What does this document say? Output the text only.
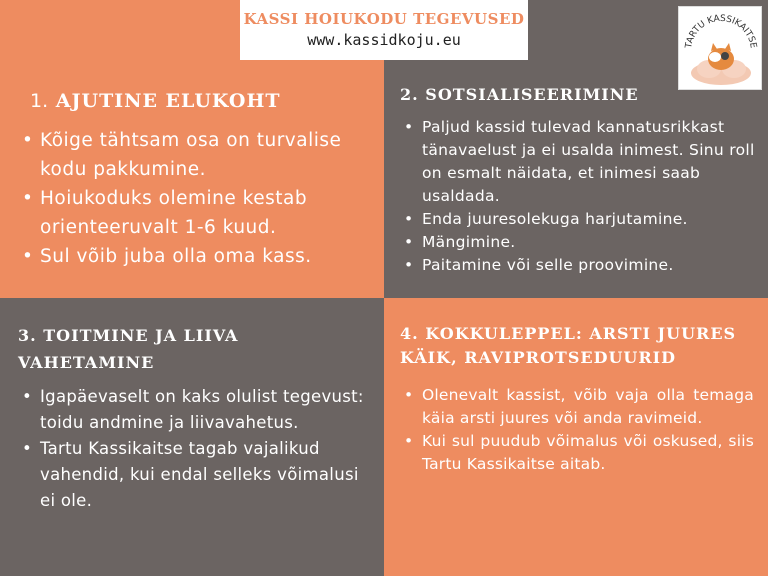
KASSI HOIUKODU TEGEVUSED
www.kassidkoju.eu	TARTU KASSIKAITSE
1. AJUTINE ELUKOHT
• Kõige tähtsam osa on turvalise kodu pakkumine.
• Hoiukoduks olemine kestab orienteeruvalt 1-6 kuud.
• Sul võib juba olla oma kass.
2. SOTSIALISEERIMINE
• Paljud kassid tulevad kannatusrikkast tänavaelust ja ei usalda inimest. Sinu roll on esmalt näidata, et inimesi saab usaldada.
• Enda juuresolekuga harjutamine.
• Mängimine.
• Paitamine või selle proovimine.
3. TOITMINE JA LIIVA VAHETAMINE
• Igapäevaselt on kaks olulist tegevust: toidu andmine ja liivavahetus.
• Tartu Kassikaitse tagab vajalikud vahendid, kui endal selleks võimalusi ei ole.
4. KOKKULEPPEL: ARSTI JUURES KÄIK, RAVIPROTSEDUURID
• Olenevalt kassist, võib vaja olla temaga käia arsti juures või anda ravimeid.
• Kui sul puudub võimalus või oskused, siis Tartu Kassikaitse aitab.
